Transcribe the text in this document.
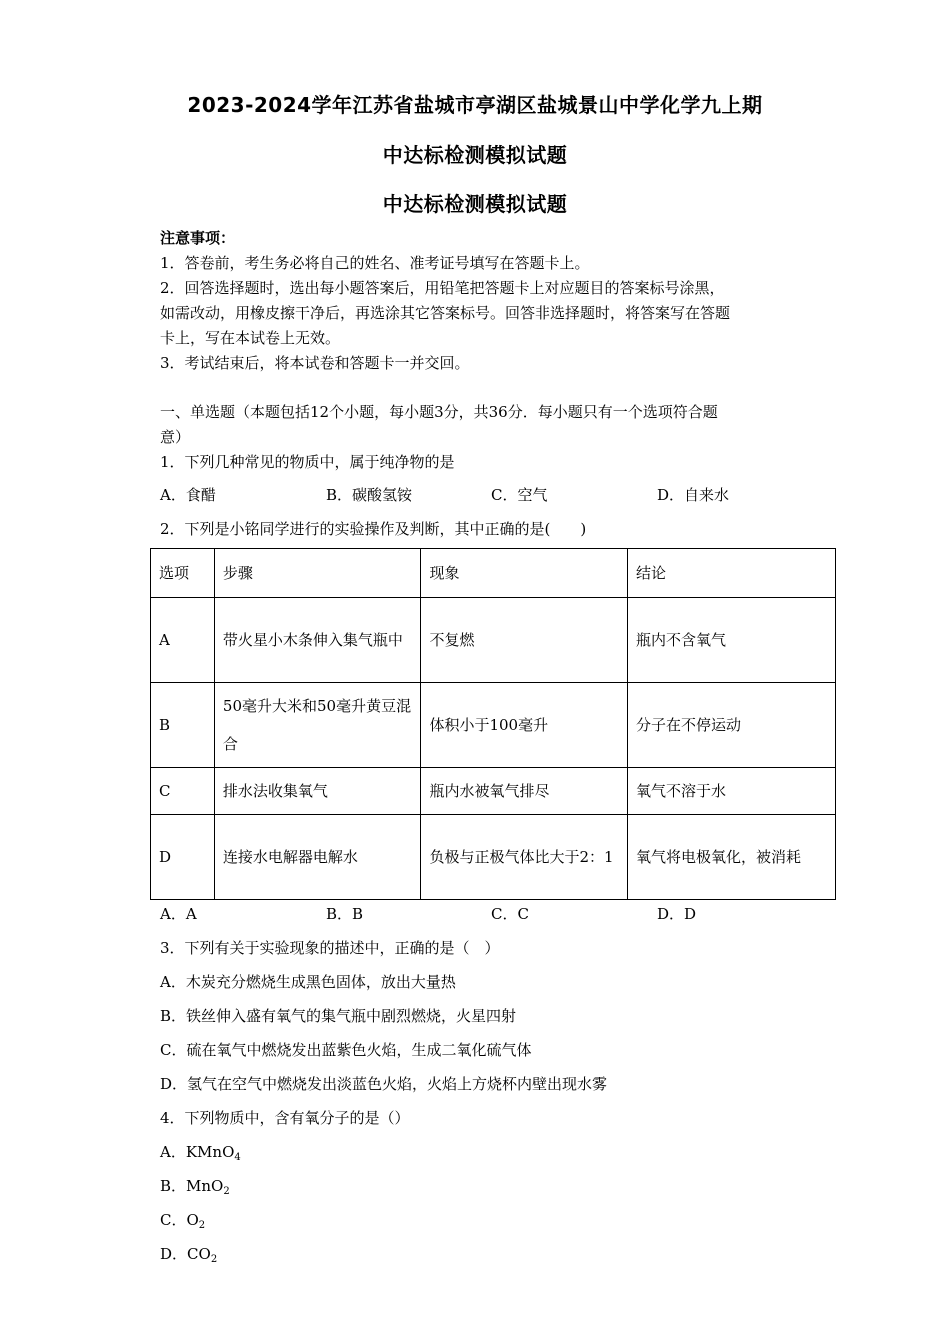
2023-2024学年江苏省盐城市亭湖区盐城景山中学化学九上期
中达标检测模拟试题
中达标检测模拟试题
注意事项：
1．答卷前，考生务必将自己的姓名、准考证号填写在答题卡上。
2．回答选择题时，选出每小题答案后，用铅笔把答题卡上对应题目的答案标号涂黑，
如需改动，用橡皮擦干净后，再选涂其它答案标号。回答非选择题时，将答案写在答题
卡上，写在本试卷上无效。
3．考试结束后，将本试卷和答题卡一并交回。
一、单选题（本题包括12个小题，每小题3分，共36分．每小题只有一个选项符合题
意）
1．下列几种常见的物质中，属于纯净物的是
A．食醋	B．碳酸氢铵	C．空气	D．自来水
2．下列是小铭同学进行的实验操作及判断，其中正确的是(　　)
选项	步骤	现象	结论
A	带火星小木条伸入集气瓶中	不复燃	瓶内不含氧气
B	50毫升大米和50毫升黄豆混合	体积小于100毫升	分子在不停运动
C	排水法收集氧气	瓶内水被氧气排尽	氧气不溶于水
D	连接水电解器电解水	负极与正极气体比大于2：1	氧气将电极氧化，被消耗
A．A	B．B	C．C	D．D
3．下列有关于实验现象的描述中，正确的是（　）
A．木炭充分燃烧生成黑色固体，放出大量热
B．铁丝伸入盛有氧气的集气瓶中剧烈燃烧，火星四射
C．硫在氧气中燃烧发出蓝紫色火焰，生成二氧化硫气体
D．氢气在空气中燃烧发出淡蓝色火焰，火焰上方烧杯内壁出现水雾
4．下列物质中，含有氧分子的是（）
A．KMnO$_4$
B．MnO$_2$
C．$O_2$
D．$CO_2$
